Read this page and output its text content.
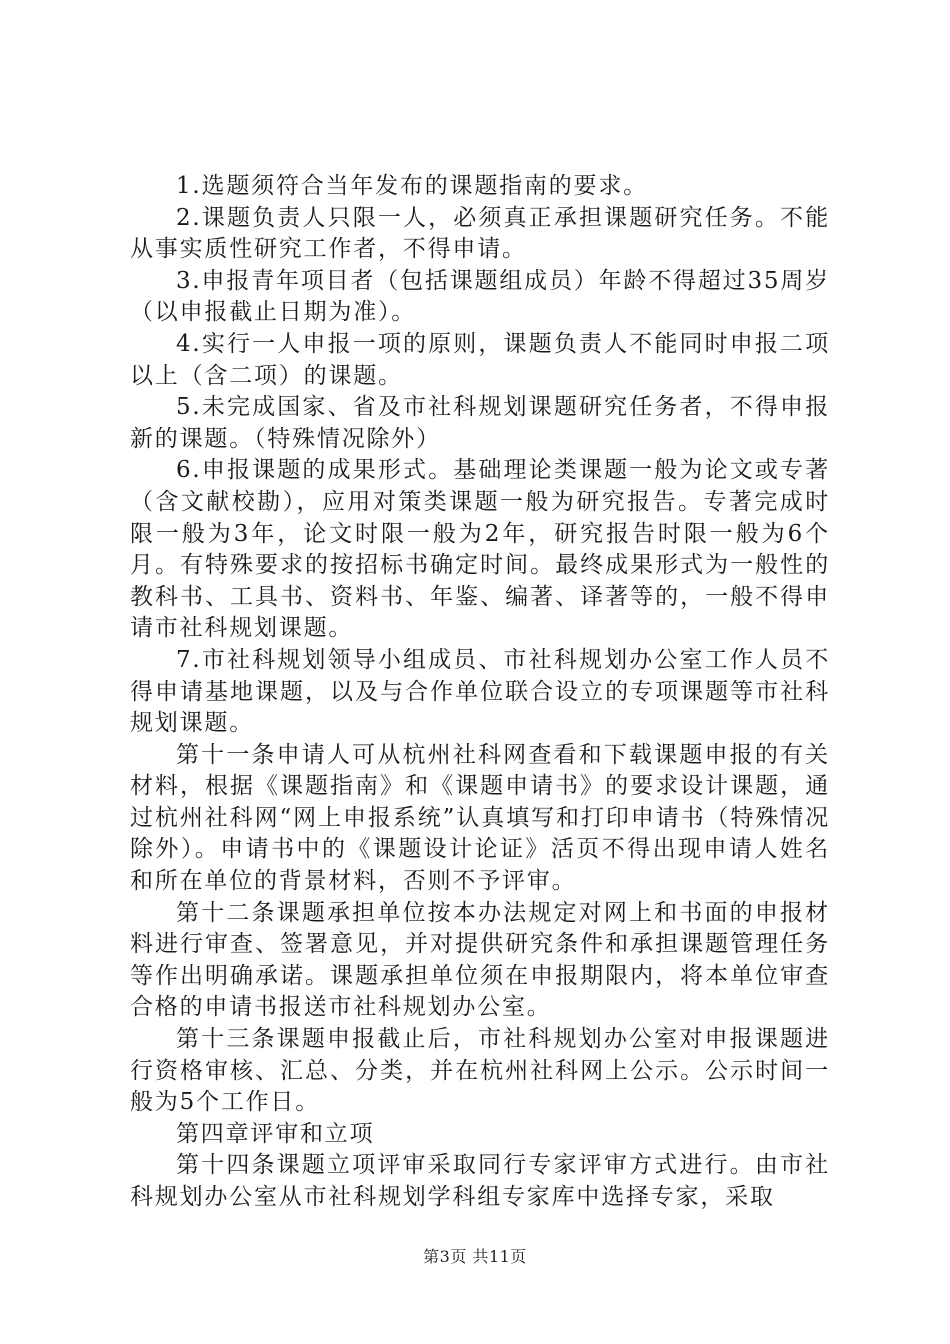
1.选题须符合当年发布的课题指南的要求。

2.课题负责人只限一人，必须真正承担课题研究任务。不能从事实质性研究工作者，不得申请。

3.申报青年项目者（包括课题组成员）年龄不得超过35周岁（以申报截止日期为准）。

4.实行一人申报一项的原则，课题负责人不能同时申报二项以上（含二项）的课题。

5.未完成国家、省及市社科规划课题研究任务者，不得申报新的课题。（特殊情况除外）

6.申报课题的成果形式。基础理论类课题一般为论文或专著（含文献校勘），应用对策类课题一般为研究报告。专著完成时限一般为3年，论文时限一般为2年，研究报告时限一般为6个月。有特殊要求的按招标书确定时间。最终成果形式为一般性的教科书、工具书、资料书、年鉴、编著、译著等的，一般不得申请市社科规划课题。

7.市社科规划领导小组成员、市社科规划办公室工作人员不得申请基地课题，以及与合作单位联合设立的专项课题等市社科规划课题。

第十一条申请人可从杭州社科网查看和下载课题申报的有关材料，根据《课题指南》和《课题申请书》的要求设计课题，通过杭州社科网“网上申报系统”认真填写和打印申请书（特殊情况除外）。申请书中的《课题设计论证》活页不得出现申请人姓名和所在单位的背景材料，否则不予评审。

第十二条课题承担单位按本办法规定对网上和书面的申报材料进行审查、签署意见，并对提供研究条件和承担课题管理任务等作出明确承诺。课题承担单位须在申报期限内，将本单位审查合格的申请书报送市社科规划办公室。

第十三条课题申报截止后，市社科规划办公室对申报课题进行资格审核、汇总、分类，并在杭州社科网上公示。公示时间一般为5个工作日。

第四章评审和立项

第十四条课题立项评审采取同行专家评审方式进行。由市社科规划办公室从市社科规划学科组专家库中选择专家，采取

第3页 共11页
